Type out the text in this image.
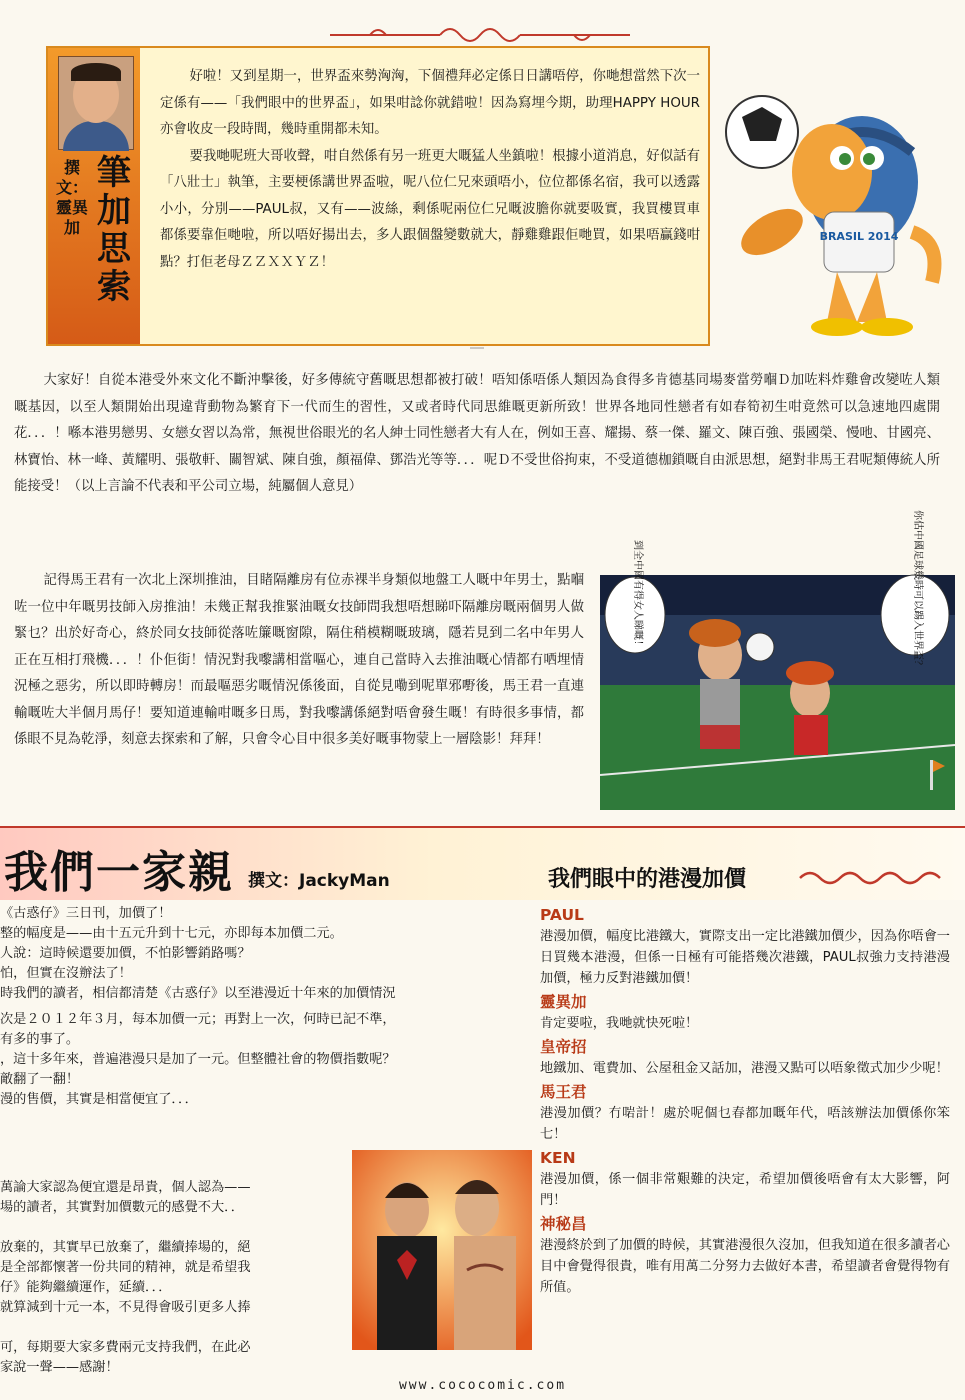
撰文：靈異加
筆加思索

好啦！又到星期一，世界盃來勢洶洶，下個禮拜必定係日日講唔停，你哋想當然下次一定係有——「我們眼中的世界盃」，如果咁諗你就錯啦！因為寫埋今期，助理HAPPY HOUR亦會收皮一段時間，幾時重開都未知。

要我哋呢班大哥收聲，咁自然係有另一班更大嘅猛人坐鎮啦！根據小道消息，好似話有「八壯士」執筆，主要梗係講世界盃啦，呢八位仁兄來頭唔小，位位都係名宿，我可以透露小小，分別——PAUL叔，又有——波絲，剩係呢兩位仁兄嘅波膽你就要吸實，我買樓買車都係要靠佢哋啦，所以唔好揚出去，多人跟個盤變數就大，靜雞雞跟佢哋買，如果唔贏錢咁點？打佢老母ＺＺＸＸＹＺ！

BRASIL 2014

大家好！自從本港受外來文化不斷沖擊後，好多傳統守舊嘅思想都被打破！唔知係唔係人類因為食得多肯德基同場麥當勞嗰Ｄ加咗料炸雞會改變咗人類嘅基因，以至人類開始出現違背動物為繁育下一代而生的習性，又或者時代同思維嘅更新所致！世界各地同性戀者有如春筍初生咁竟然可以急速地四處開花．．．！喺本港男戀男、女戀女習以為常，無視世俗眼光的名人紳士同性戀者大有人在，例如王喜、耀揚、蔡一傑、羅文、陳百強、張國榮、慢吔、甘國亮、林寶怡、林一峰、黃耀明、張敬軒、關智斌、陳自強，顏福偉、鄧浩光等等．．．呢Ｄ不受世俗拘束，不受道德枷鎖嘅自由派思想，絕對非馬王君呢類傳統人所能接受！（以上言論不代表和平公司立場，純屬個人意見）

記得馬王君有一次北上深圳推油，目睹隔離房有位赤裸半身類似地盤工人嘅中年男士，點嗰咗一位中年嘅男技師入房推油！未幾正幫我推緊油嘅女技師問我想唔想睇吓隔離房嘅兩個男人做緊乜？出於好奇心，終於同女技師從落咗簾嘅窗隙，隔住稍模糊嘅玻璃，隱若見到二名中年男人正在互相打飛機．．．！仆佢街！情況對我嚟講相當嘔心，連自己當時入去推油嘅心情都冇哂埋情況極之惡劣，所以即時轉房！而最嘔惡劣嘅情況係後面，自從見嘞到呢單邪嘢後，馬王君一直連輸嘅咗大半個月馬仔！要知道連輸咁嘅多日馬，對我嚟講係絕對唔會發生嘅！有時很多事情，都係眼不見為乾淨，刻意去探索和了解，只會令心目中很多美好嘅事物蒙上一層陰影！拜拜！

到全中國有得女人睇嘅！	你估中國足球幾時可以踢入世界盃？
我們一家親 撰文：JackyMan	我們眼中的港漫加價
《古惑仔》三日刊，加價了！
整的幅度是——由十五元升到十七元，亦即每本加價二元。
人說：這時候還要加價，不怕影響銷路嗎？
怕，但實在沒辦法了！
時我們的讀者，相信都清楚《古惑仔》以至港漫近十年來的加價情況
次是２０１２年３月，每本加價一元；再對上一次，何時已記不準，
有多的事了。
，這十多年來，普遍港漫只是加了一元。但整體社會的物價指數呢？
敵翻了一翻！
漫的售價，其實是相當便宜了．．．
萬論大家認為便宜還是昂貴，個人認為——
場的讀者，其實對加價數元的感覺不大．．

放棄的，其實早已放棄了，繼續捧場的，絕
是全部都懷著一份共同的精神，就是希望我
仔》能夠繼續運作，延續．．．
就算減到十元一本，不見得會吸引更多人捧

可，每期要大家多費兩元支持我們，在此必
家說一聲——感謝！
PAUL
港漫加價，幅度比港鐵大，實際支出一定比港鐵加價少，因為你唔會一日買幾本港漫，但係一日極有可能搭幾次港鐵，PAUL叔強力支持港漫加價，極力反對港鐵加價！
靈異加
肯定要啦，我哋就快死啦！
皇帝招
地鐵加、電費加、公屋租金又話加，港漫又點可以唔象徵式加少少呢！
馬王君
港漫加價？冇啱計！處於呢個乜春都加嘅年代，唔該辦法加價係你笨七！
KEN
港漫加價，係一個非常艱難的決定，希望加價後唔會有太大影響，阿門！
神秘昌
港漫終於到了加價的時候，其實港漫很久沒加，但我知道在很多讀者心目中會覺得很貴，唯有用萬二分努力去做好本書，希望讀者會覺得物有所值。
www.cococomic.com
